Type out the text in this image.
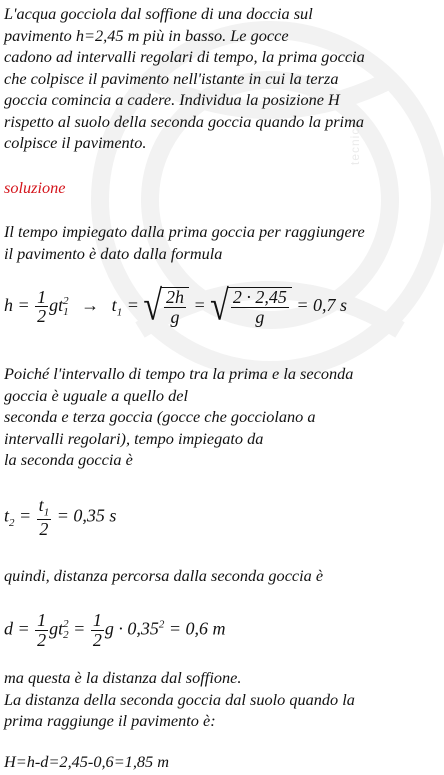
tecnica

L'acqua gocciola dal soffione di una doccia sul

pavimento h=2,45 m più in basso. Le gocce

cadono ad intervalli regolari di tempo, la prima goccia

che colpisce il pavimento nell'istante in cui la terza

goccia comincia a cadere. Individua la posizione H

rispetto al suolo della seconda goccia quando la prima

colpisce il pavimento.

soluzione

Il tempo impiegato dalla prima goccia per raggiungere

il pavimento è dato dalla formula

$h = \frac{1}{2}$ gt 2
$1 \to t_1$ = √ $\frac{2h}{g}$ = √ $\frac{2 \cdot 2,45}{g} = 0,7$ s

Poiché l'intervallo di tempo tra la prima e la seconda

goccia è uguale a quello del

seconda e terza goccia (gocce che gocciolano a

intervalli regolari), tempo impiegato da

la seconda goccia è

$t_2 = \frac{t_1}{2} = 0,35$ s

quindi, distanza percorsa dalla seconda goccia è

$d = \frac{1}{2}$ gt 2
$2 = \frac{1}{2}$ $g \cdot 0,35^2 = 0,6$ m

ma questa è la distanza dal soffione.

La distanza della seconda goccia dal suolo quando la

prima raggiunge il pavimento è:

H=h-d=2,45-0,6=1,85 m
